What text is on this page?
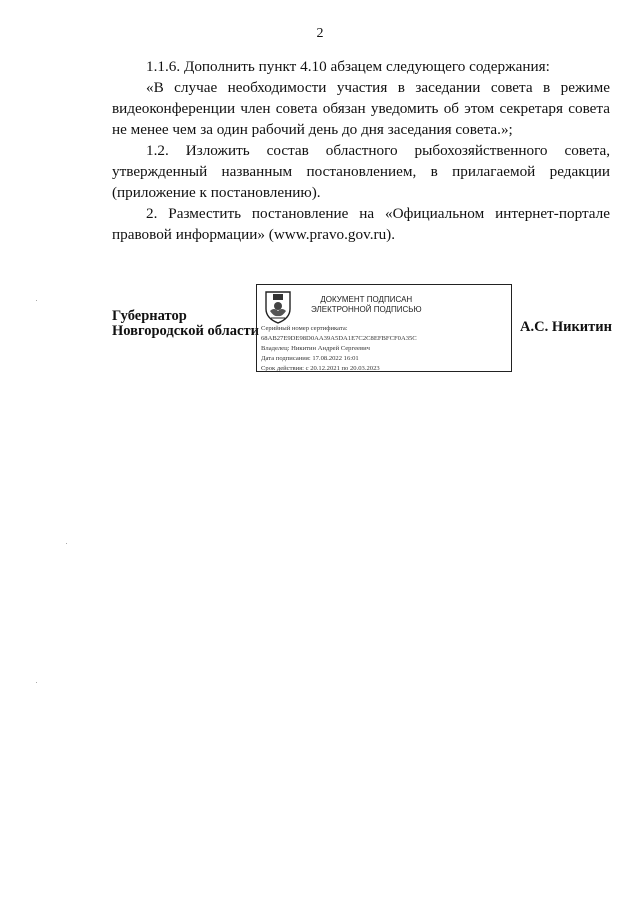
2

1.1.6. Дополнить пункт 4.10 абзацем следующего содержания:

«В случае необходимости участия в заседании совета в режиме видеоконференции член совета обязан уведомить об этом секретаря совета не менее чем за один рабочий день до дня заседания совета.»;

1.2. Изложить состав областного рыбохозяйственного совета, утвержденный названным постановлением, в прилагаемой редакции (приложение к постановлению).

2. Разместить постановление на «Официальном интернет-портале правовой информации» (www.pravo.gov.ru).

Губернатор
Новгородской области
ДОКУМЕНТ ПОДПИСАН
ЭЛЕКТРОННОЙ ПОДПИСЬЮ
Серийный номер сертификата:
68AB27E9DE98D0AA39A5DA1E7C2C8EFBFCF0A35C
Владелец: Никитин Андрей Сергеевич
Дата подписания: 17.08.2022 16:01
Срок действия: с 20.12.2021 по 20.03.2023
А.С. Никитин
